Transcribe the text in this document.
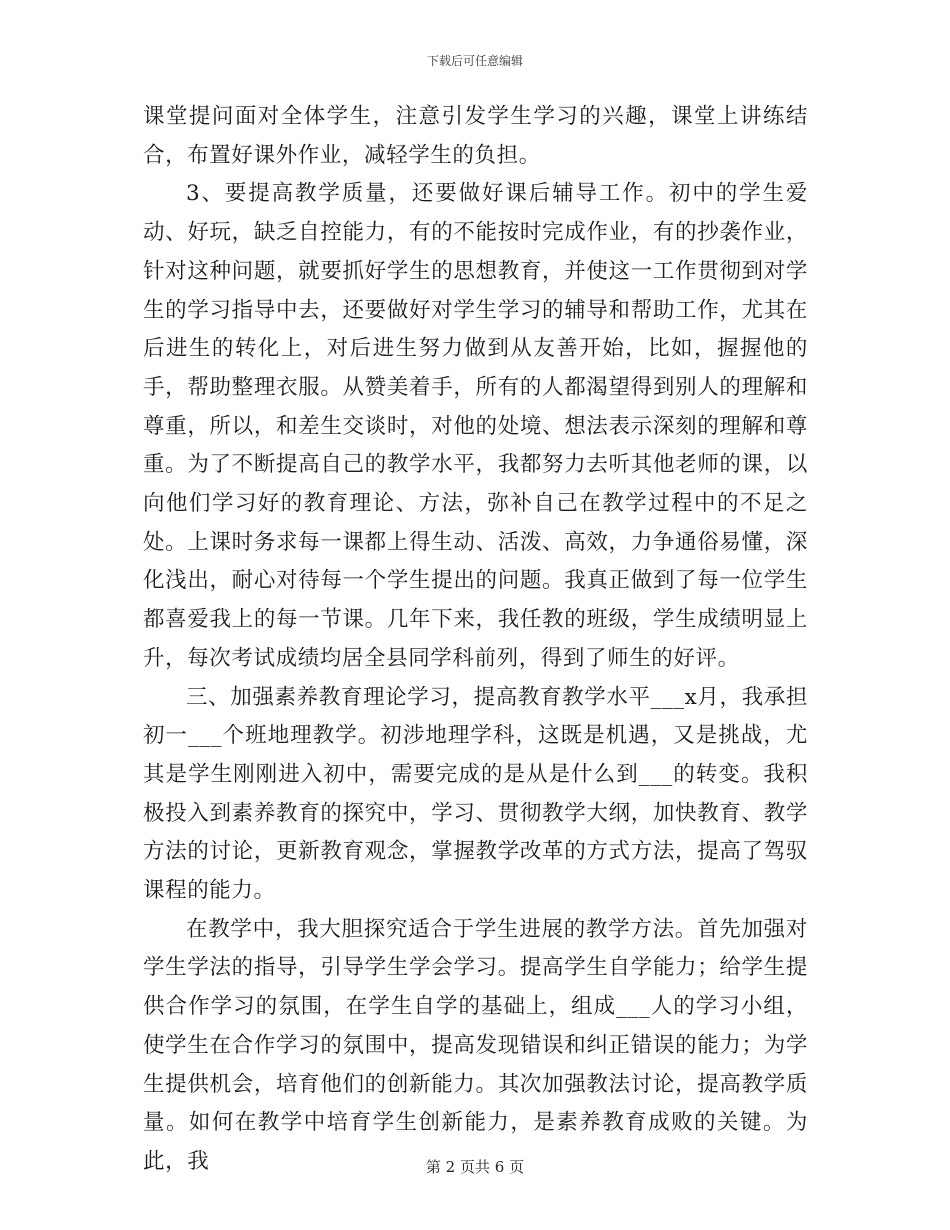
下载后可任意编辑

课堂提问面对全体学生，注意引发学生学习的兴趣，课堂上讲练结合，布置好课外作业，减轻学生的负担。

3、要提高教学质量，还要做好课后辅导工作。初中的学生爱动、好玩，缺乏自控能力，有的不能按时完成作业，有的抄袭作业，针对这种问题，就要抓好学生的思想教育，并使这一工作贯彻到对学生的学习指导中去，还要做好对学生学习的辅导和帮助工作，尤其在后进生的转化上，对后进生努力做到从友善开始，比如，握握他的手，帮助整理衣服。从赞美着手，所有的人都渴望得到别人的理解和尊重，所以，和差生交谈时，对他的处境、想法表示深刻的理解和尊重。为了不断提高自己的教学水平，我都努力去听其他老师的课，以向他们学习好的教育理论、方法，弥补自己在教学过程中的不足之处。上课时务求每一课都上得生动、活泼、高效，力争通俗易懂，深化浅出，耐心对待每一个学生提出的问题。我真正做到了每一位学生都喜爱我上的每一节课。几年下来，我任教的班级，学生成绩明显上升，每次考试成绩均居全县同学科前列，得到了师生的好评。

三、加强素养教育理论学习，提高教育教学水平___x月，我承担初一___个班地理教学。初涉地理学科，这既是机遇，又是挑战，尤其是学生刚刚进入初中，需要完成的是从是什么到___的转变。我积极投入到素养教育的探究中，学习、贯彻教学大纲，加快教育、教学方法的讨论，更新教育观念，掌握教学改革的方式方法，提高了驾驭课程的能力。

在教学中，我大胆探究适合于学生进展的教学方法。首先加强对学生学法的指导，引导学生学会学习。提高学生自学能力；给学生提供合作学习的氛围，在学生自学的基础上，组成___人的学习小组，使学生在合作学习的氛围中，提高发现错误和纠正错误的能力；为学生提供机会，培育他们的创新能力。其次加强教法讨论，提高教学质量。如何在教学中培育学生创新能力，是素养教育成败的关键。为此，我	第 2 页共 6 页
